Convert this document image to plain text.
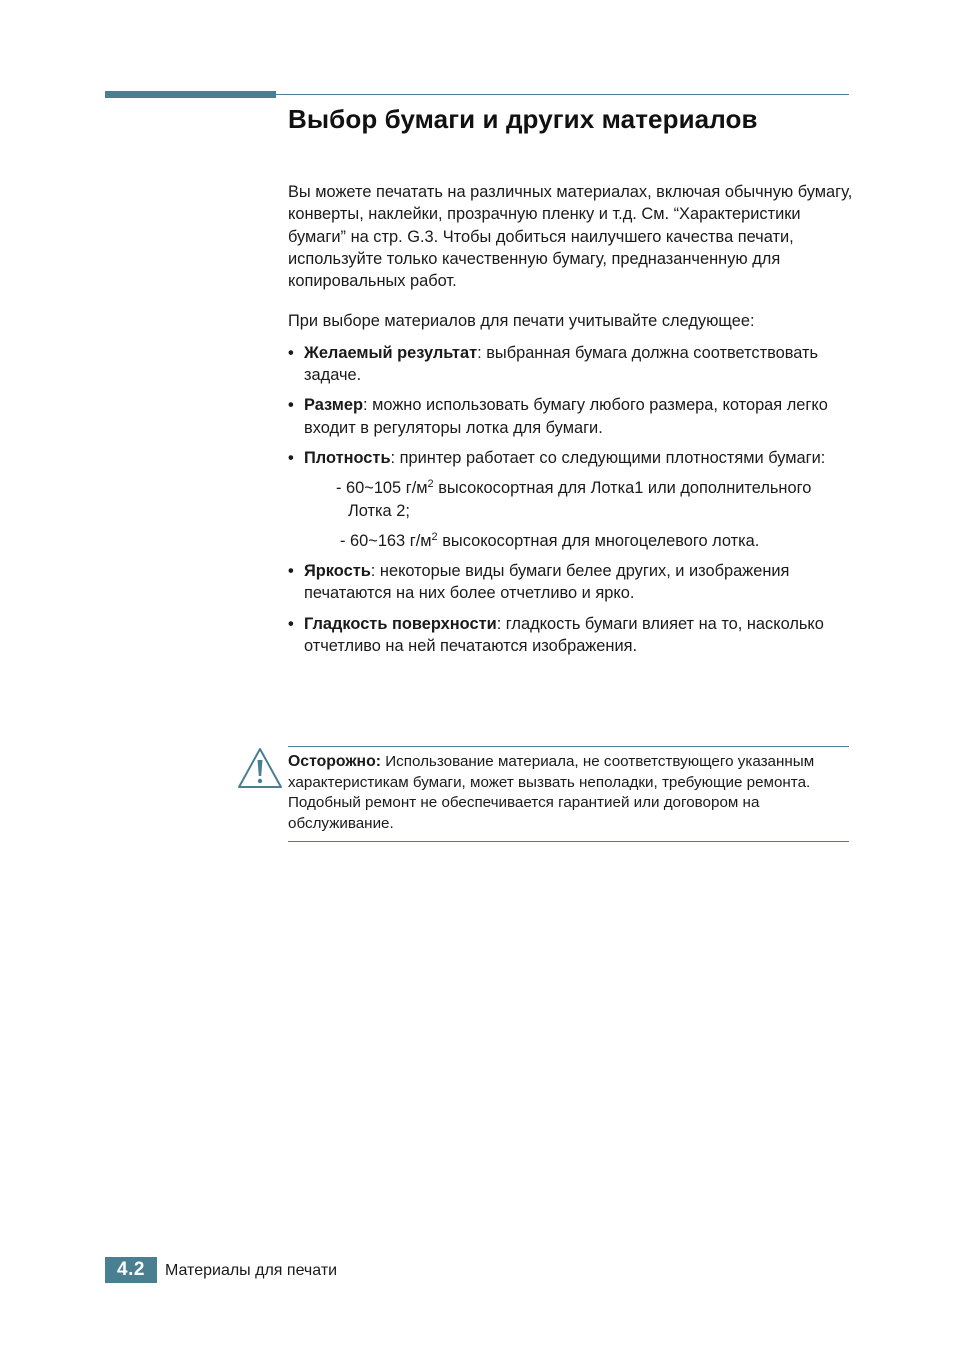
Выбор бумаги и других материалов

Вы можете печатать на различных материалах, включая обычную бумагу, конверты, наклейки, прозрачную пленку и т.д. См. “Характеристики бумаги” на стр. G.3. Чтобы добиться наилучшего качества печати, используйте только качественную бумагу, предназанченную для копировальных работ.

При выборе материалов для печати учитывайте следующее:

• Желаемый результат: выбранная бумага должна соответствовать задаче.
• Размер: можно использовать бумагу любого размера, которая легко входит в регуляторы лотка для бумаги.
• Плотность: принтер работает со следующими плотностями бумаги:
- 60~105 $г/м^2$ высокосортная для Лотка1 или дополнительного Лотка 2;
- 60~163 $г/м^2$ высокосортная для многоцелевого лотка.
• Яркость: некоторые виды бумаги белее других, и изображения печатаются на них более отчетливо и ярко.
• Гладкость поверхности: гладкость бумаги влияет на то, насколько отчетливо на ней печатаются изображения.
Осторожно: Использование материала, не соответствующего указанным характеристикам бумаги, может вызвать неполадки, требующие ремонта. Подобный ремонт не обеспечивается гарантией или договором на обслуживание.
4.2	Материалы для печати
